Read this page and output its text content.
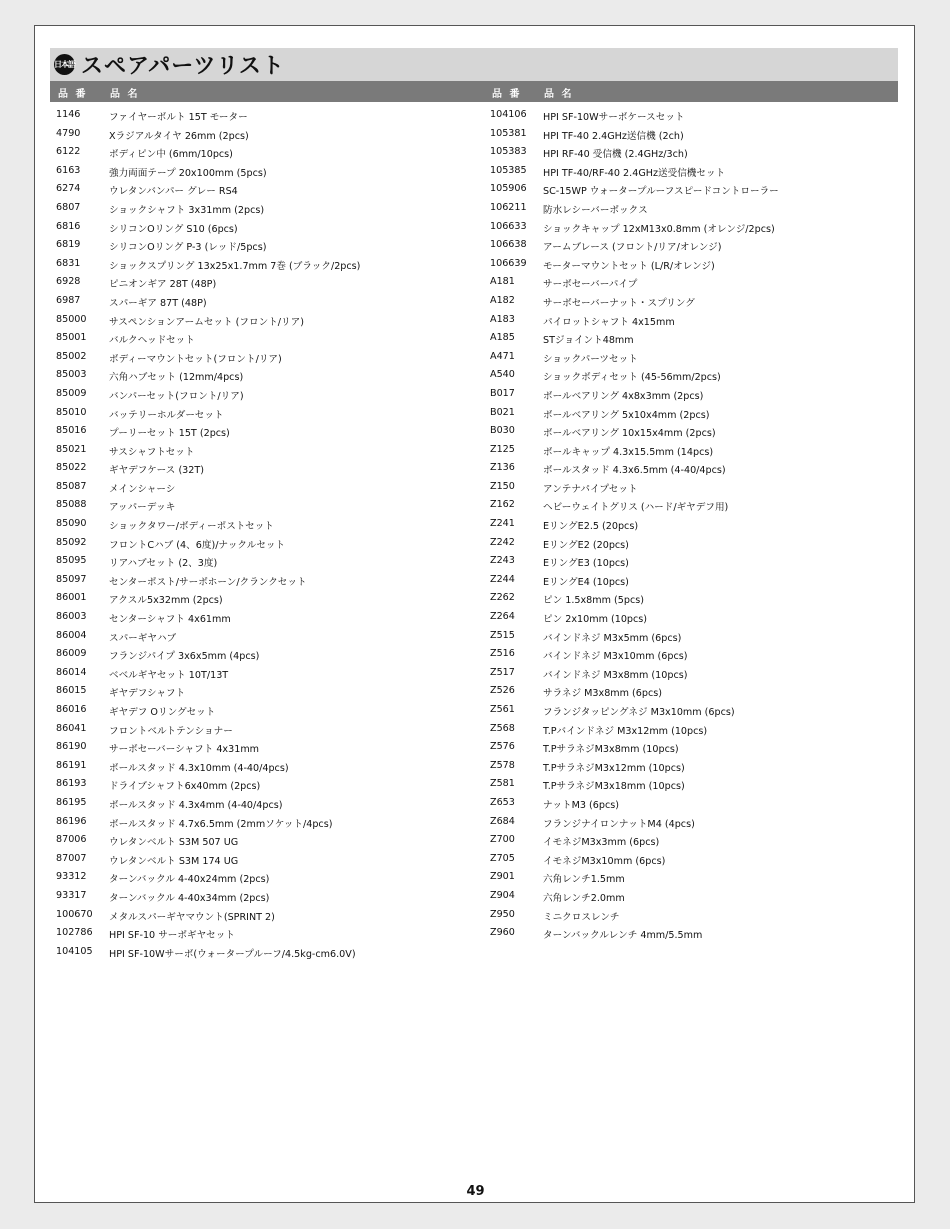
日本語 スペアパーツリスト
品 番 品 名	品 番 品 名
1146	ファイヤーボルト 15T モーター
4790	Xラジアルタイヤ 26mm (2pcs)
6122	ボディピン中 (6mm/10pcs)
6163	強力両面テープ 20x100mm (5pcs)
6274	ウレタンバンパー グレー RS4
6807	ショックシャフト 3x31mm (2pcs)
6816	シリコンOリング S10 (6pcs)
6819	シリコンOリング P-3 (レッド/5pcs)
6831	ショックスプリング 13x25x1.7mm 7巻 (ブラック/2pcs)
6928	ピニオンギア 28T (48P)
6987	スパーギア 87T (48P)
85000 サスペンションアームセット (フロント/リア)
85001 バルクヘッドセット
85002 ボディーマウントセット(フロント/リア)
85003 六角ハブセット (12mm/4pcs)
85009 バンパーセット(フロント/リア)
85010 バッテリーホルダーセット
85016 プーリーセット 15T (2pcs)
85021 サスシャフトセット
85022 ギヤデフケース (32T)
85087 メインシャーシ
85088 アッパーデッキ
85090 ショックタワー/ボディーポストセット
85092 フロントCハブ (4、6度)/ナックルセット
85095 リアハブセット (2、3度)
85097 センターポスト/サーボホーン/クランクセット
86001 アクスル5x32mm (2pcs)
86003 センターシャフト 4x61mm
86004 スパーギヤハブ
86009 フランジパイプ 3x6x5mm (4pcs)
86014 ベベルギヤセット 10T/13T
86015 ギヤデフシャフト
86016 ギヤデフ Oリングセット
86041 フロントベルトテンショナー
86190 サーボセーバーシャフト 4x31mm
86191 ボールスタッド 4.3x10mm (4-40/4pcs)
86193 ドライブシャフト6x40mm (2pcs)
86195 ボールスタッド 4.3x4mm (4-40/4pcs)
86196 ボールスタッド 4.7x6.5mm (2mmソケット/4pcs)
87006 ウレタンベルト S3M 507 UG
87007 ウレタンベルト S3M 174 UG
93312 ターンバックル 4-40x24mm (2pcs)
93317 ターンバックル 4-40x34mm (2pcs)
100670 メタルスパーギヤマウント(SPRINT 2)
102786 HPI SF-10 サーボギヤセット
104105 HPI SF-10Wサーボ(ウォータープルーフ/4.5kg-cm6.0V)
104106 HPI SF-10Wサーボケースセット
105381 HPI TF-40 2.4GHz送信機 (2ch)
105383 HPI RF-40 受信機 (2.4GHz/3ch)
105385 HPI TF-40/RF-40 2.4GHz送受信機セット
105906 SC-15WP ウォータープルーフスピードコントローラー
106211 防水レシーバーボックス
106633 ショックキャップ 12xM13x0.8mm (オレンジ/2pcs)
106638 アームブレース (フロント/リア/オレンジ)
106639 モーターマウントセット (L/R/オレンジ)
A181	サーボセーバーパイプ
A182	サーボセーバーナット・スプリング
A183	パイロットシャフト 4x15mm
A185	STジョイント48mm
A471	ショックパーツセット
A540	ショックボディセット (45-56mm/2pcs)
B017	ボールベアリング 4x8x3mm (2pcs)
B021	ボールベアリング 5x10x4mm (2pcs)
B030	ボールベアリング 10x15x4mm (2pcs)
Z125	ボールキャップ 4.3x15.5mm (14pcs)
Z136	ボールスタッド 4.3x6.5mm (4-40/4pcs)
Z150	アンテナパイプセット
Z162	ヘビーウェイトグリス (ハード/ギヤデフ用)
Z241	EリングE2.5 (20pcs)
Z242	EリングE2 (20pcs)
Z243	EリングE3 (10pcs)
Z244	EリングE4 (10pcs)
Z262	ピン 1.5x8mm (5pcs)
Z264	ピン 2x10mm (10pcs)
Z515	バインドネジ M3x5mm (6pcs)
Z516	バインドネジ M3x10mm (6pcs)
Z517	バインドネジ M3x8mm (10pcs)
Z526	サラネジ M3x8mm (6pcs)
Z561	フランジタッピングネジ M3x10mm (6pcs)
Z568	T.Pバインドネジ M3x12mm (10pcs)
Z576	T.PサラネジM3x8mm (10pcs)
Z578	T.PサラネジM3x12mm (10pcs)
Z581	T.PサラネジM3x18mm (10pcs)
Z653	ナットM3 (6pcs)
Z684	フランジナイロンナットM4 (4pcs)
Z700	イモネジM3x3mm (6pcs)
Z705	イモネジM3x10mm (6pcs)
Z901	六角レンチ1.5mm
Z904	六角レンチ2.0mm
Z950	ミニクロスレンチ
Z960	ターンバックルレンチ 4mm/5.5mm
49
